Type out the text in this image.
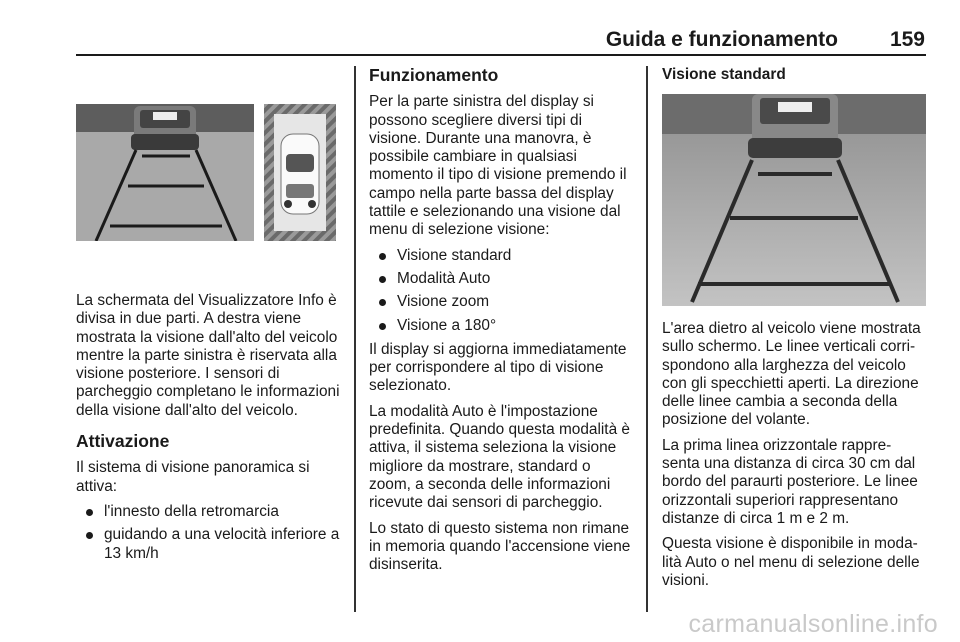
Guida e funzionamento 159

La schermata del Visualizzatore Info è divisa in due parti. A destra viene mostrata la visione dall'alto del veicolo mentre la parte sinistra è riservata alla visione posteriore. I sensori di parcheggio completano le informazioni della visione dall'alto del veicolo.

Attivazione

Il sistema di visione panoramica si attiva:

l'innesto della retromarcia
guidando a una velocità inferiore a 13 km/h
Funzionamento

Per la parte sinistra del display si possono scegliere diversi tipi di visione. Durante una manovra, è possibile cambiare in qualsiasi momento il tipo di visione premendo il campo nella parte bassa del display tattile e selezionando una visione dal menu di selezione visione:

Visione standard
Modalità Auto
Visione zoom
Visione a 180°

Il display si aggiorna immediatamente per corrispondere al tipo di visione selezionato.

La modalità Auto è l'impostazione predefinita. Quando questa modalità è attiva, il sistema seleziona la visione migliore da mostrare, standard o zoom, a seconda delle informazioni ricevute dai sensori di parcheggio.

Lo stato di questo sistema non rimane in memoria quando l'accensione viene disinserita.

Visione standard

L'area dietro al veicolo viene mostrata sullo schermo. Le linee verticali corri- spondono alla larghezza del veicolo con gli specchietti aperti. La direzione delle linee cambia a seconda della posizione del volante.

La prima linea orizzontale rappre- senta una distanza di circa 30 cm dal bordo del paraurti posteriore. Le linee orizzontali superiori rappresentano distanze di circa 1 m e 2 m.

Questa visione è disponibile in moda- lità Auto o nel menu di selezione delle visioni.

carmanualsonline.info
